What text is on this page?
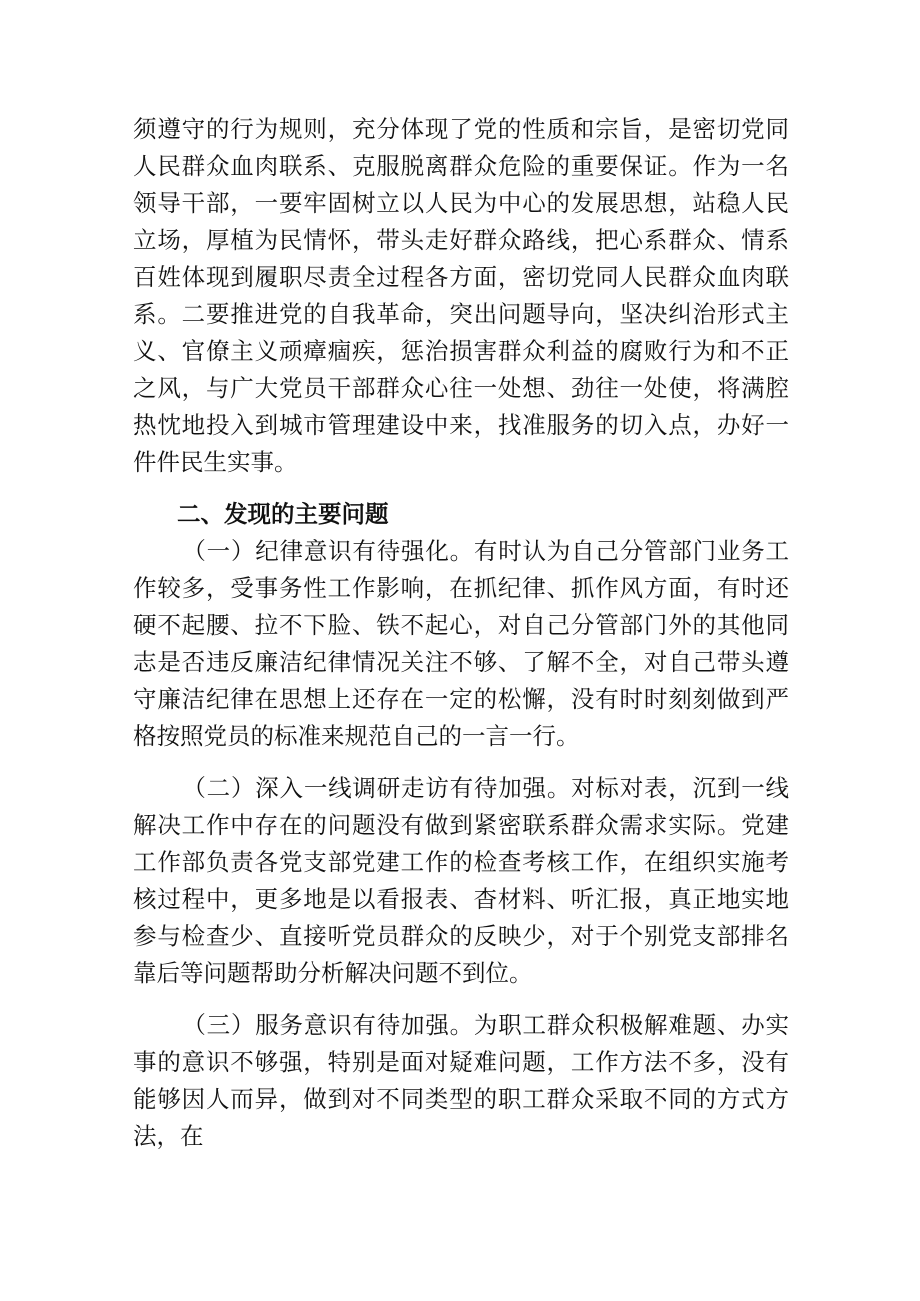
须遵守的行为规则，充分体现了党的性质和宗旨，是密切党同人民群众血肉联系、克服脱离群众危险的重要保证。作为一名领导干部，一要牢固树立以人民为中心的发展思想，站稳人民立场，厚植为民情怀，带头走好群众路线，把心系群众、情系百姓体现到履职尽责全过程各方面，密切党同人民群众血肉联系。二要推进党的自我革命，突出问题导向，坚决纠治形式主义、官僚主义顽瘴痼疾，惩治损害群众利益的腐败行为和不正之风，与广大党员干部群众心往一处想、劲往一处使，将满腔热忱地投入到城市管理建设中来，找准服务的切入点，办好一件件民生实事。

二、发现的主要问题

（一）纪律意识有待强化。有时认为自己分管部门业务工作较多，受事务性工作影响，在抓纪律、抓作风方面，有时还硬不起腰、拉不下脸、铁不起心，对自己分管部门外的其他同志是否违反廉洁纪律情况关注不够、了解不全，对自己带头遵守廉洁纪律在思想上还存在一定的松懈，没有时时刻刻做到严格按照党员的标准来规范自己的一言一行。

（二）深入一线调研走访有待加强。对标对表，沉到一线解决工作中存在的问题没有做到紧密联系群众需求实际。党建工作部负责各党支部党建工作的检查考核工作，在组织实施考核过程中，更多地是以看报表、杳材料、听汇报，真正地实地参与检查少、直接听党员群众的反映少，对于个别党支部排名靠后等问题帮助分析解决问题不到位。

（三）服务意识有待加强。为职工群众积极解难题、办实事的意识不够强，特别是面对疑难问题，工作方法不多，没有能够因人而异，做到对不同类型的职工群众采取不同的方式方法，在
